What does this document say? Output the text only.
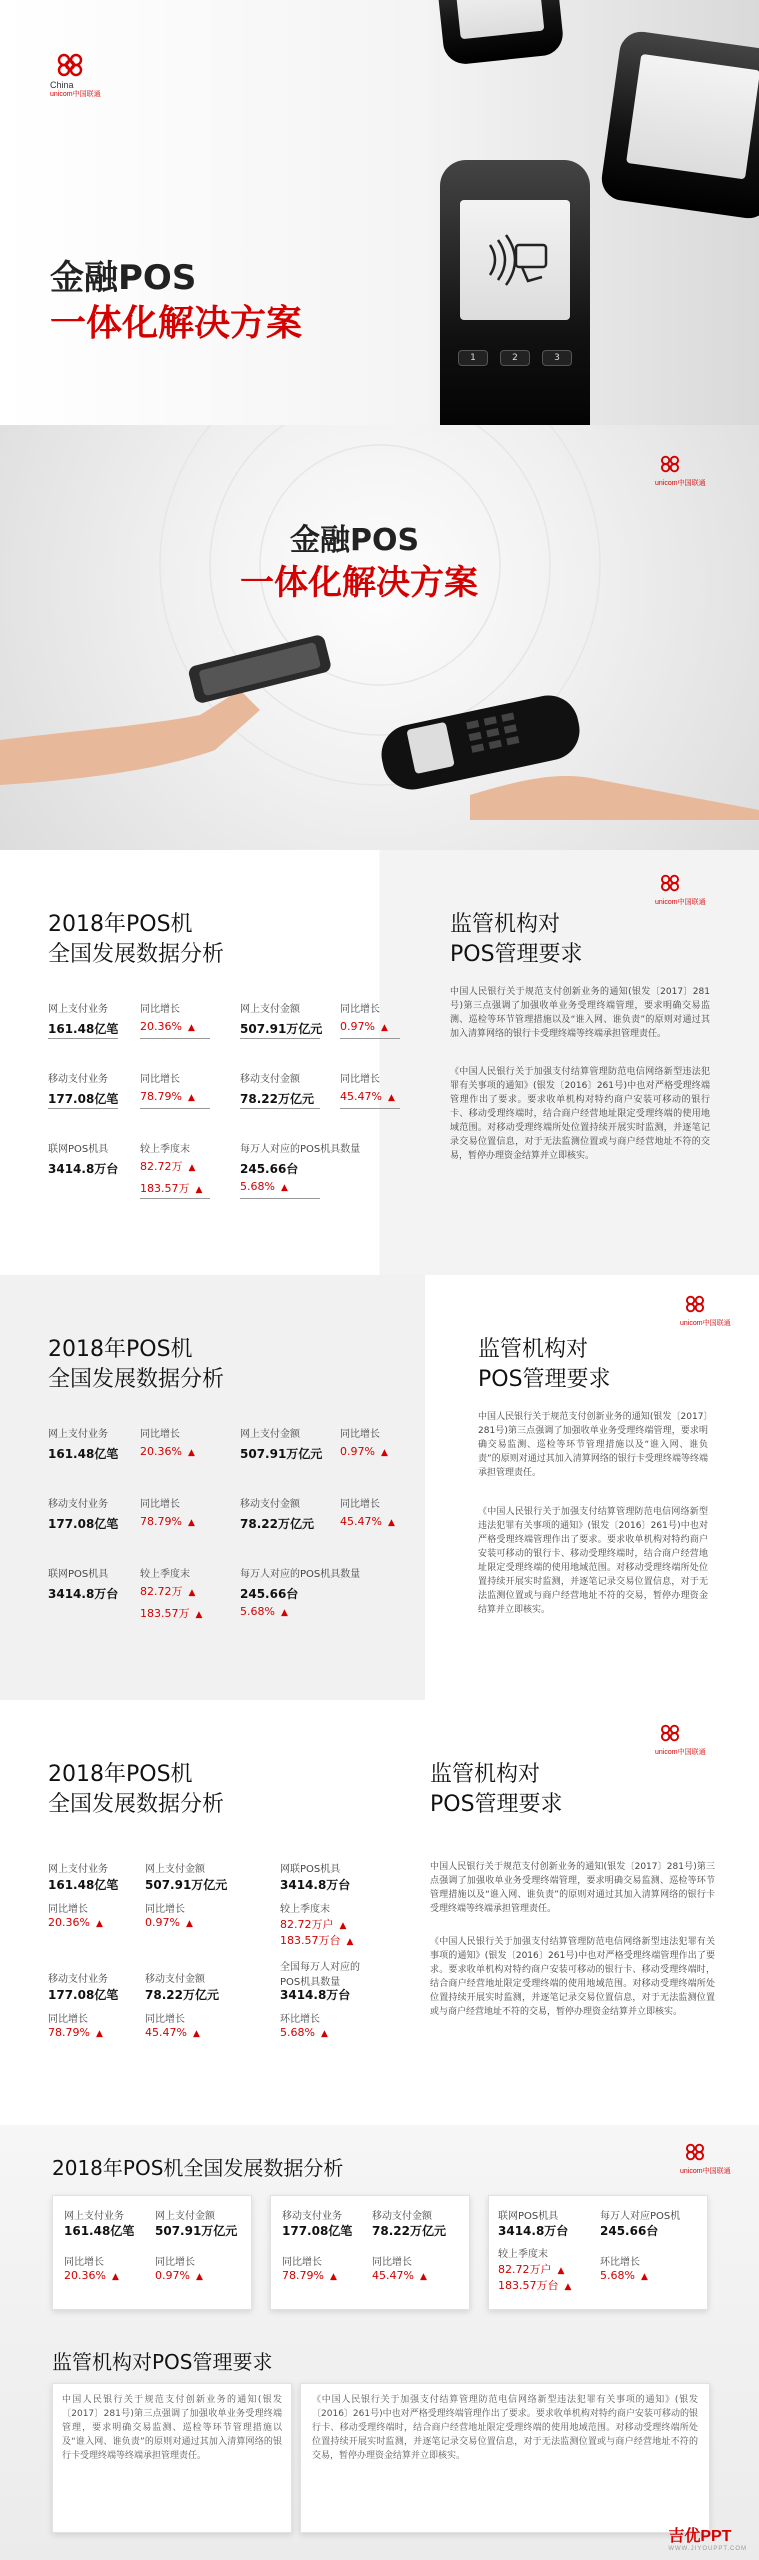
China
unicom中国联通
金融POS
一体化解决方案
1	2	3
unicom中国联通
金融POS
一体化解决方案
unicom中国联通
2018年POS机
全国发展数据分析
监管机构对
POS管理要求
网上支付业务
161.48亿笔
同比增长
20.36% ▲
网上支付金额
507.91万亿元
同比增长
0.97% ▲
移动支付业务
177.08亿笔
同比增长
78.79% ▲
移动支付金额
78.22万亿元
同比增长
45.47% ▲
联网POS机具
3414.8万台
较上季度末
82.72万 ▲
183.57万 ▲
每万人对应的POS机具数量
245.66台
5.68% ▲
中国人民银行关于规范支付创新业务的通知(银发〔2017〕281号)第三点强调了加强收单业务受理终端管理，要求明确交易监测、巡检等环节管理措施以及“谁入网、谁负责”的原则对通过其加入清算网络的银行卡受理终端等终端承担管理责任。
《中国人民银行关于加强支付结算管理防范电信网络新型违法犯罪有关事项的通知》(银发〔2016〕261号)中也对严格受理终端管理作出了要求。要求收单机构对特约商户安装可移动的银行卡、移动受理终端时，结合商户经营地址限定受理终端的使用地域范围。对移动受理终端所处位置持续开展实时监测，并逐笔记录交易位置信息，对于无法监测位置或与商户经营地址不符的交易，暂停办理资金结算并立即核实。
unicom中国联通
2018年POS机
全国发展数据分析
监管机构对
POS管理要求
网上支付业务
161.48亿笔
同比增长
20.36% ▲
网上支付金额
507.91万亿元
同比增长
0.97% ▲
移动支付业务
177.08亿笔
同比增长
78.79% ▲
移动支付金额
78.22万亿元
同比增长
45.47% ▲
联网POS机具
3414.8万台
较上季度末
82.72万 ▲
183.57万 ▲
每万人对应的POS机具数量
245.66台
5.68% ▲
中国人民银行关于规范支付创新业务的通知(银发〔2017〕281号)第三点强调了加强收单业务受理终端管理，要求明确交易监测、巡检等环节管理措施以及“谁入网、谁负责”的原则对通过其加入清算网络的银行卡受理终端等终端承担管理责任。
《中国人民银行关于加强支付结算管理防范电信网络新型违法犯罪有关事项的通知》(银发〔2016〕261号)中也对严格受理终端管理作出了要求。要求收单机构对特约商户安装可移动的银行卡、移动受理终端时，结合商户经营地址限定受理终端的使用地域范围。对移动受理终端所处位置持续开展实时监测，并逐笔记录交易位置信息，对于无法监测位置或与商户经营地址不符的交易，暂停办理资金结算并立即核实。
unicom中国联通
2018年POS机
全国发展数据分析
监管机构对
POS管理要求
网上支付业务
161.48亿笔
同比增长
20.36% ▲
网上支付金额
507.91万亿元
同比增长
0.97% ▲
网联POS机具
3414.8万台
较上季度末
82.72万户 ▲
183.57万台 ▲
移动支付业务
177.08亿笔
同比增长
78.79% ▲
移动支付金额
78.22万亿元
同比增长
45.47% ▲
全国每万人对应的POS机具数量
3414.8万台
环比增长
5.68% ▲
中国人民银行关于规范支付创新业务的通知(银发〔2017〕281号)第三点强调了加强收单业务受理终端管理，要求明确交易监测、巡检等环节管理措施以及“谁入网、谁负责”的原则对通过其加入清算网络的银行卡受理终端等终端承担管理责任。
《中国人民银行关于加强支付结算管理防范电信网络新型违法犯罪有关事项的通知》(银发〔2016〕261号)中也对严格受理终端管理作出了要求。要求收单机构对特约商户安装可移动的银行卡、移动受理终端时，结合商户经营地址限定受理终端的使用地域范围。对移动受理终端所处位置持续开展实时监测，并逐笔记录交易位置信息，对于无法监测位置或与商户经营地址不符的交易，暂停办理资金结算并立即核实。
unicom中国联通
2018年POS机全国发展数据分析
网上支付业务
161.48亿笔
同比增长
20.36% ▲
网上支付金额
507.91万亿元
同比增长
0.97% ▲
移动支付业务
177.08亿笔
同比增长
78.79% ▲
移动支付金额
78.22万亿元
同比增长
45.47% ▲
联网POS机具
3414.8万台
较上季度末
82.72万户 ▲
183.57万台 ▲
每万人对应POS机
245.66台
环比增长
5.68% ▲
监管机构对POS管理要求
中国人民银行关于规范支付创新业务的通知(银发〔2017〕281号)第三点强调了加强收单业务受理终端管理，要求明确交易监测、巡检等环节管理措施以及“谁入网、谁负责”的原则对通过其加入清算网络的银行卡受理终端等终端承担管理责任。
《中国人民银行关于加强支付结算管理防范电信网络新型违法犯罪有关事项的通知》(银发〔2016〕261号)中也对严格受理终端管理作出了要求。要求收单机构对特约商户安装可移动的银行卡、移动受理终端时，结合商户经营地址限定受理终端的使用地域范围。对移动受理终端所处位置持续开展实时监测，并逐笔记录交易位置信息，对于无法监测位置或与商户经营地址不符的交易，暂停办理资金结算并立即核实。
吉优PPT
WWW.JIYOUPPT.COM
